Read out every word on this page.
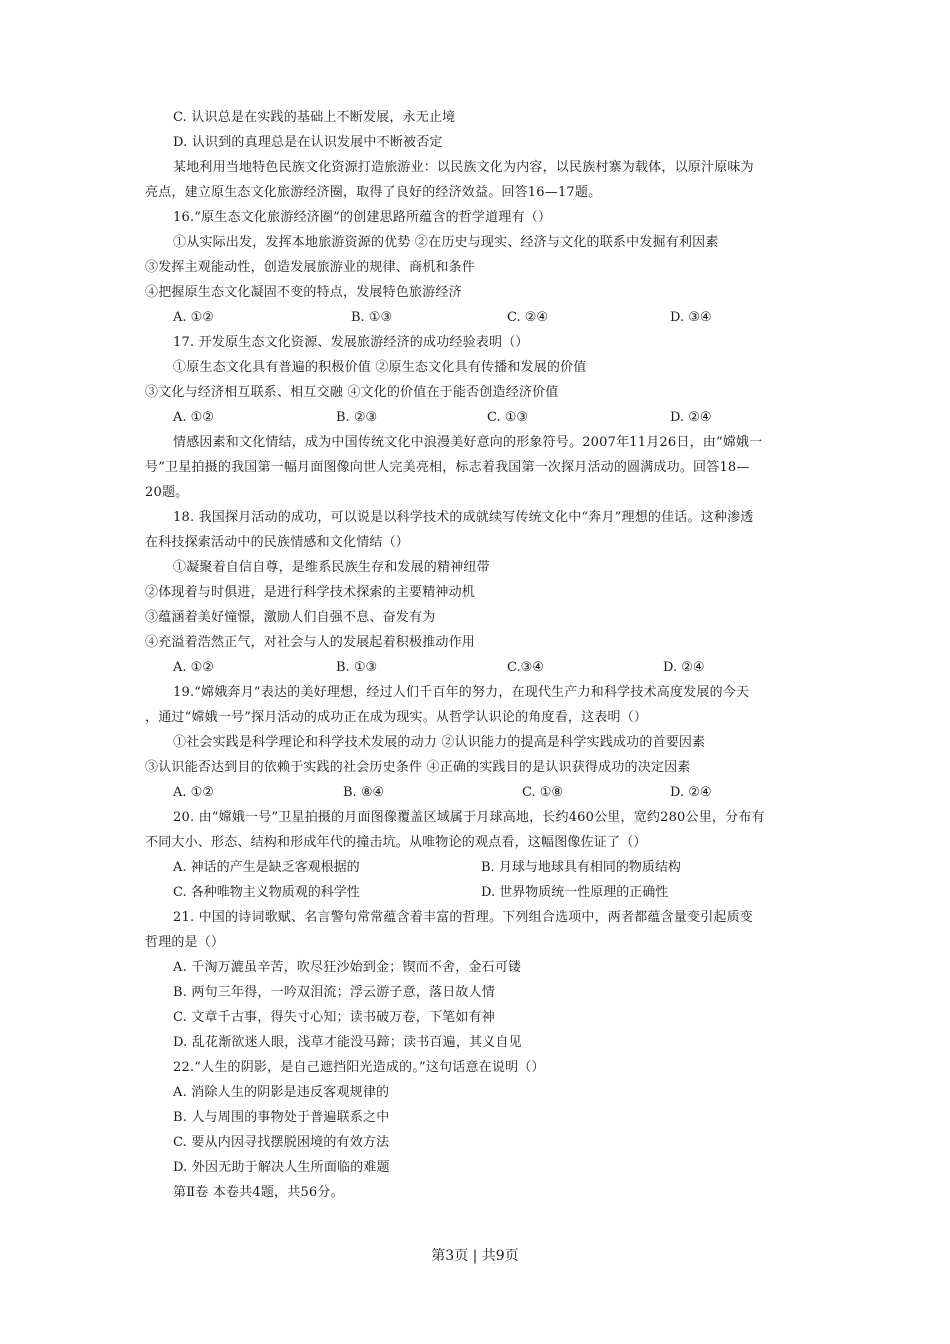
C. 认识总是在实践的基础上不断发展，永无止境
D. 认识到的真理总是在认识发展中不断被否定
某地利用当地特色民族文化资源打造旅游业：以民族文化为内容，以民族村寨为载体，以原汁原味为
亮点，建立原生态文化旅游经济圈，取得了良好的经济效益。回答16—17题。
16.“原生态文化旅游经济圈”的创建思路所蕴含的哲学道理有（）
①从实际出发，发挥本地旅游资源的优势 ②在历史与现实、经济与文化的联系中发掘有利因素
③发挥主观能动性，创造发展旅游业的规律、商机和条件
④把握原生态文化凝固不变的特点，发展特色旅游经济
17. 开发原生态文化资源、发展旅游经济的成功经验表明（）
①原生态文化具有普遍的积极价值 ②原生态文化具有传播和发展的价值
③文化与经济相互联系、相互交融 ④文化的价值在于能否创造经济价值
情感因素和文化情结，成为中国传统文化中浪漫美好意向的形象符号。2007年11月26日，由“嫦娥一
号”卫星拍摄的我国第一幅月面图像向世人完美亮相，标志着我国第一次探月活动的圆满成功。回答18—
20题。
18. 我国探月活动的成功，可以说是以科学技术的成就续写传统文化中“奔月”理想的佳话。这种渗透
在科技探索活动中的民族情感和文化情结（）
①凝聚着自信自尊，是维系民族生存和发展的精神纽带
②体现着与时俱进，是进行科学技术探索的主要精神动机
③蕴涵着美好憧憬，激励人们自强不息、奋发有为
④充溢着浩然正气，对社会与人的发展起着积极推动作用
19.“嫦娥奔月”表达的美好理想，经过人们千百年的努力，在现代生产力和科学技术高度发展的今天
，通过“嫦娥一号”探月活动的成功正在成为现实。从哲学认识论的角度看，这表明（）
①社会实践是科学理论和科学技术发展的动力 ②认识能力的提高是科学实践成功的首要因素
③认识能否达到目的依赖于实践的社会历史条件 ④正确的实践目的是认识获得成功的决定因素
20. 由“嫦娥一号”卫星拍摄的月面图像覆盖区域属于月球高地，长约460公里，宽约280公里，分布有
不同大小、形态、结构和形成年代的撞击坑。从唯物论的观点看，这幅图像佐证了（）
21. 中国的诗词歌赋、名言警句常常蕴含着丰富的哲理。下列组合选项中，两者都蕴含量变引起质变
哲理的是（）
A. 千淘万漉虽辛苦，吹尽狂沙始到金；锲而不舍，金石可镂
B. 两句三年得，一吟双泪流；浮云游子意，落日故人情
C. 文章千古事，得失寸心知；读书破万卷，下笔如有神
D. 乱花渐欲迷人眼，浅草才能没马蹄；读书百遍，其义自见
22.“人生的阴影，是自己遮挡阳光造成的。”这句话意在说明（）
A. 消除人生的阴影是违反客观规律的
B. 人与周围的事物处于普遍联系之中
C. 要从内因寻找摆脱困境的有效方法
D. 外因无助于解决人生所面临的难题
第Ⅱ卷 本卷共4题，共56分。
A. ①②	B. ①③	C. ②④	D. ③④
A. ①②	B. ②③	C. ①③	D. ②④
A. ①②	B. ①③	C.③④	D. ②④
A. ①②	B. ⑧④	C. ①⑧	D. ②④
A. 神话的产生是缺乏客观根据的	B. 月球与地球具有相同的物质结构
C. 各种唯物主义物质观的科学性	D. 世界物质统一性原理的正确性
第3页 | 共9页
